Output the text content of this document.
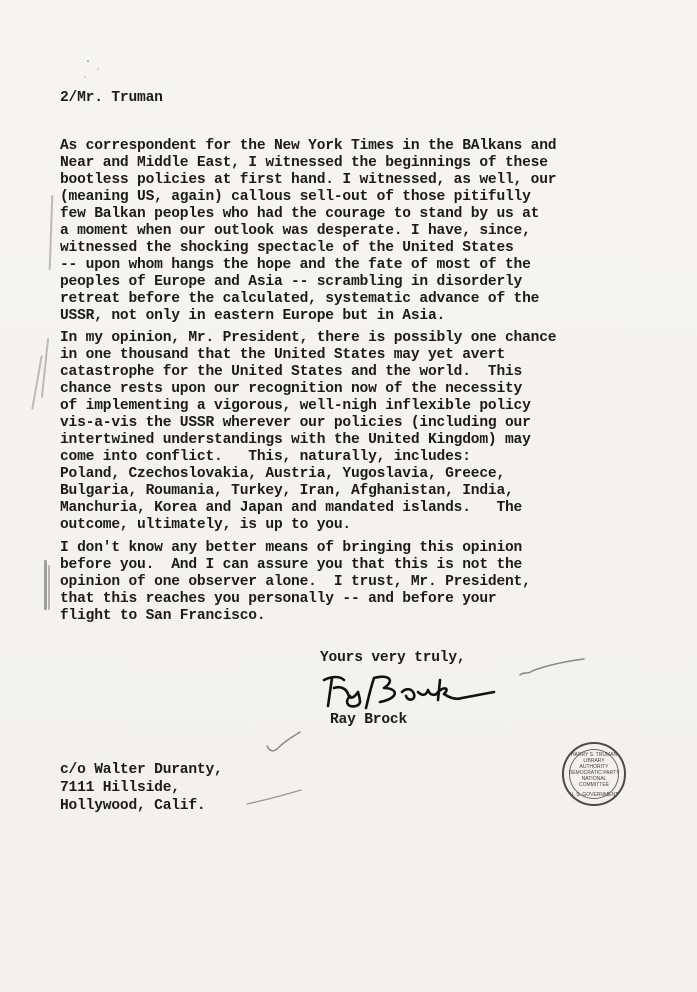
2/Mr. Truman
As correspondent for the New York Times in the BAlkans and
Near and Middle East, I witnessed the beginnings of these
bootless policies at first hand. I witnessed, as well, our
(meaning US, again) callous sell-out of those pitifully
few Balkan peoples who had the courage to stand by us at
a moment when our outlook was desperate. I have, since,
witnessed the shocking spectacle of the United States
-- upon whom hangs the hope and the fate of most of the
peoples of Europe and Asia -- scrambling in disorderly
retreat before the calculated, systematic advance of the
USSR, not only in eastern Europe but in Asia.
In my opinion, Mr. President, there is possibly one chance
in one thousand that the United States may yet avert
catastrophe for the United States and the world.  This
chance rests upon our recognition now of the necessity
of implementing a vigorous, well-nigh inflexible policy
vis-a-vis the USSR wherever our policies (including our
intertwined understandings with the United Kingdom) may
come into conflict.   This, naturally, includes:
Poland, Czechoslovakia, Austria, Yugoslavia, Greece,
Bulgaria, Roumania, Turkey, Iran, Afghanistan, India,
Manchuria, Korea and Japan and mandated islands.   The
outcome, ultimately, is up to you.
I don't know any better means of bringing this opinion
before you.  And I can assure you that this is not the
opinion of one observer alone.  I trust, Mr. President,
that this reaches you personally -- and before your
flight to San Francisco.
Yours very truly,
Ray Brock
c/o Walter Duranty,
7111 Hillside,
Hollywood, Calif.
HARRY S. TRUMAN LIBRARY
AUTHORITY
DEMOCRATIC PARTY
NATIONAL
COMMITTEE
U. S. GOVERNMENT
